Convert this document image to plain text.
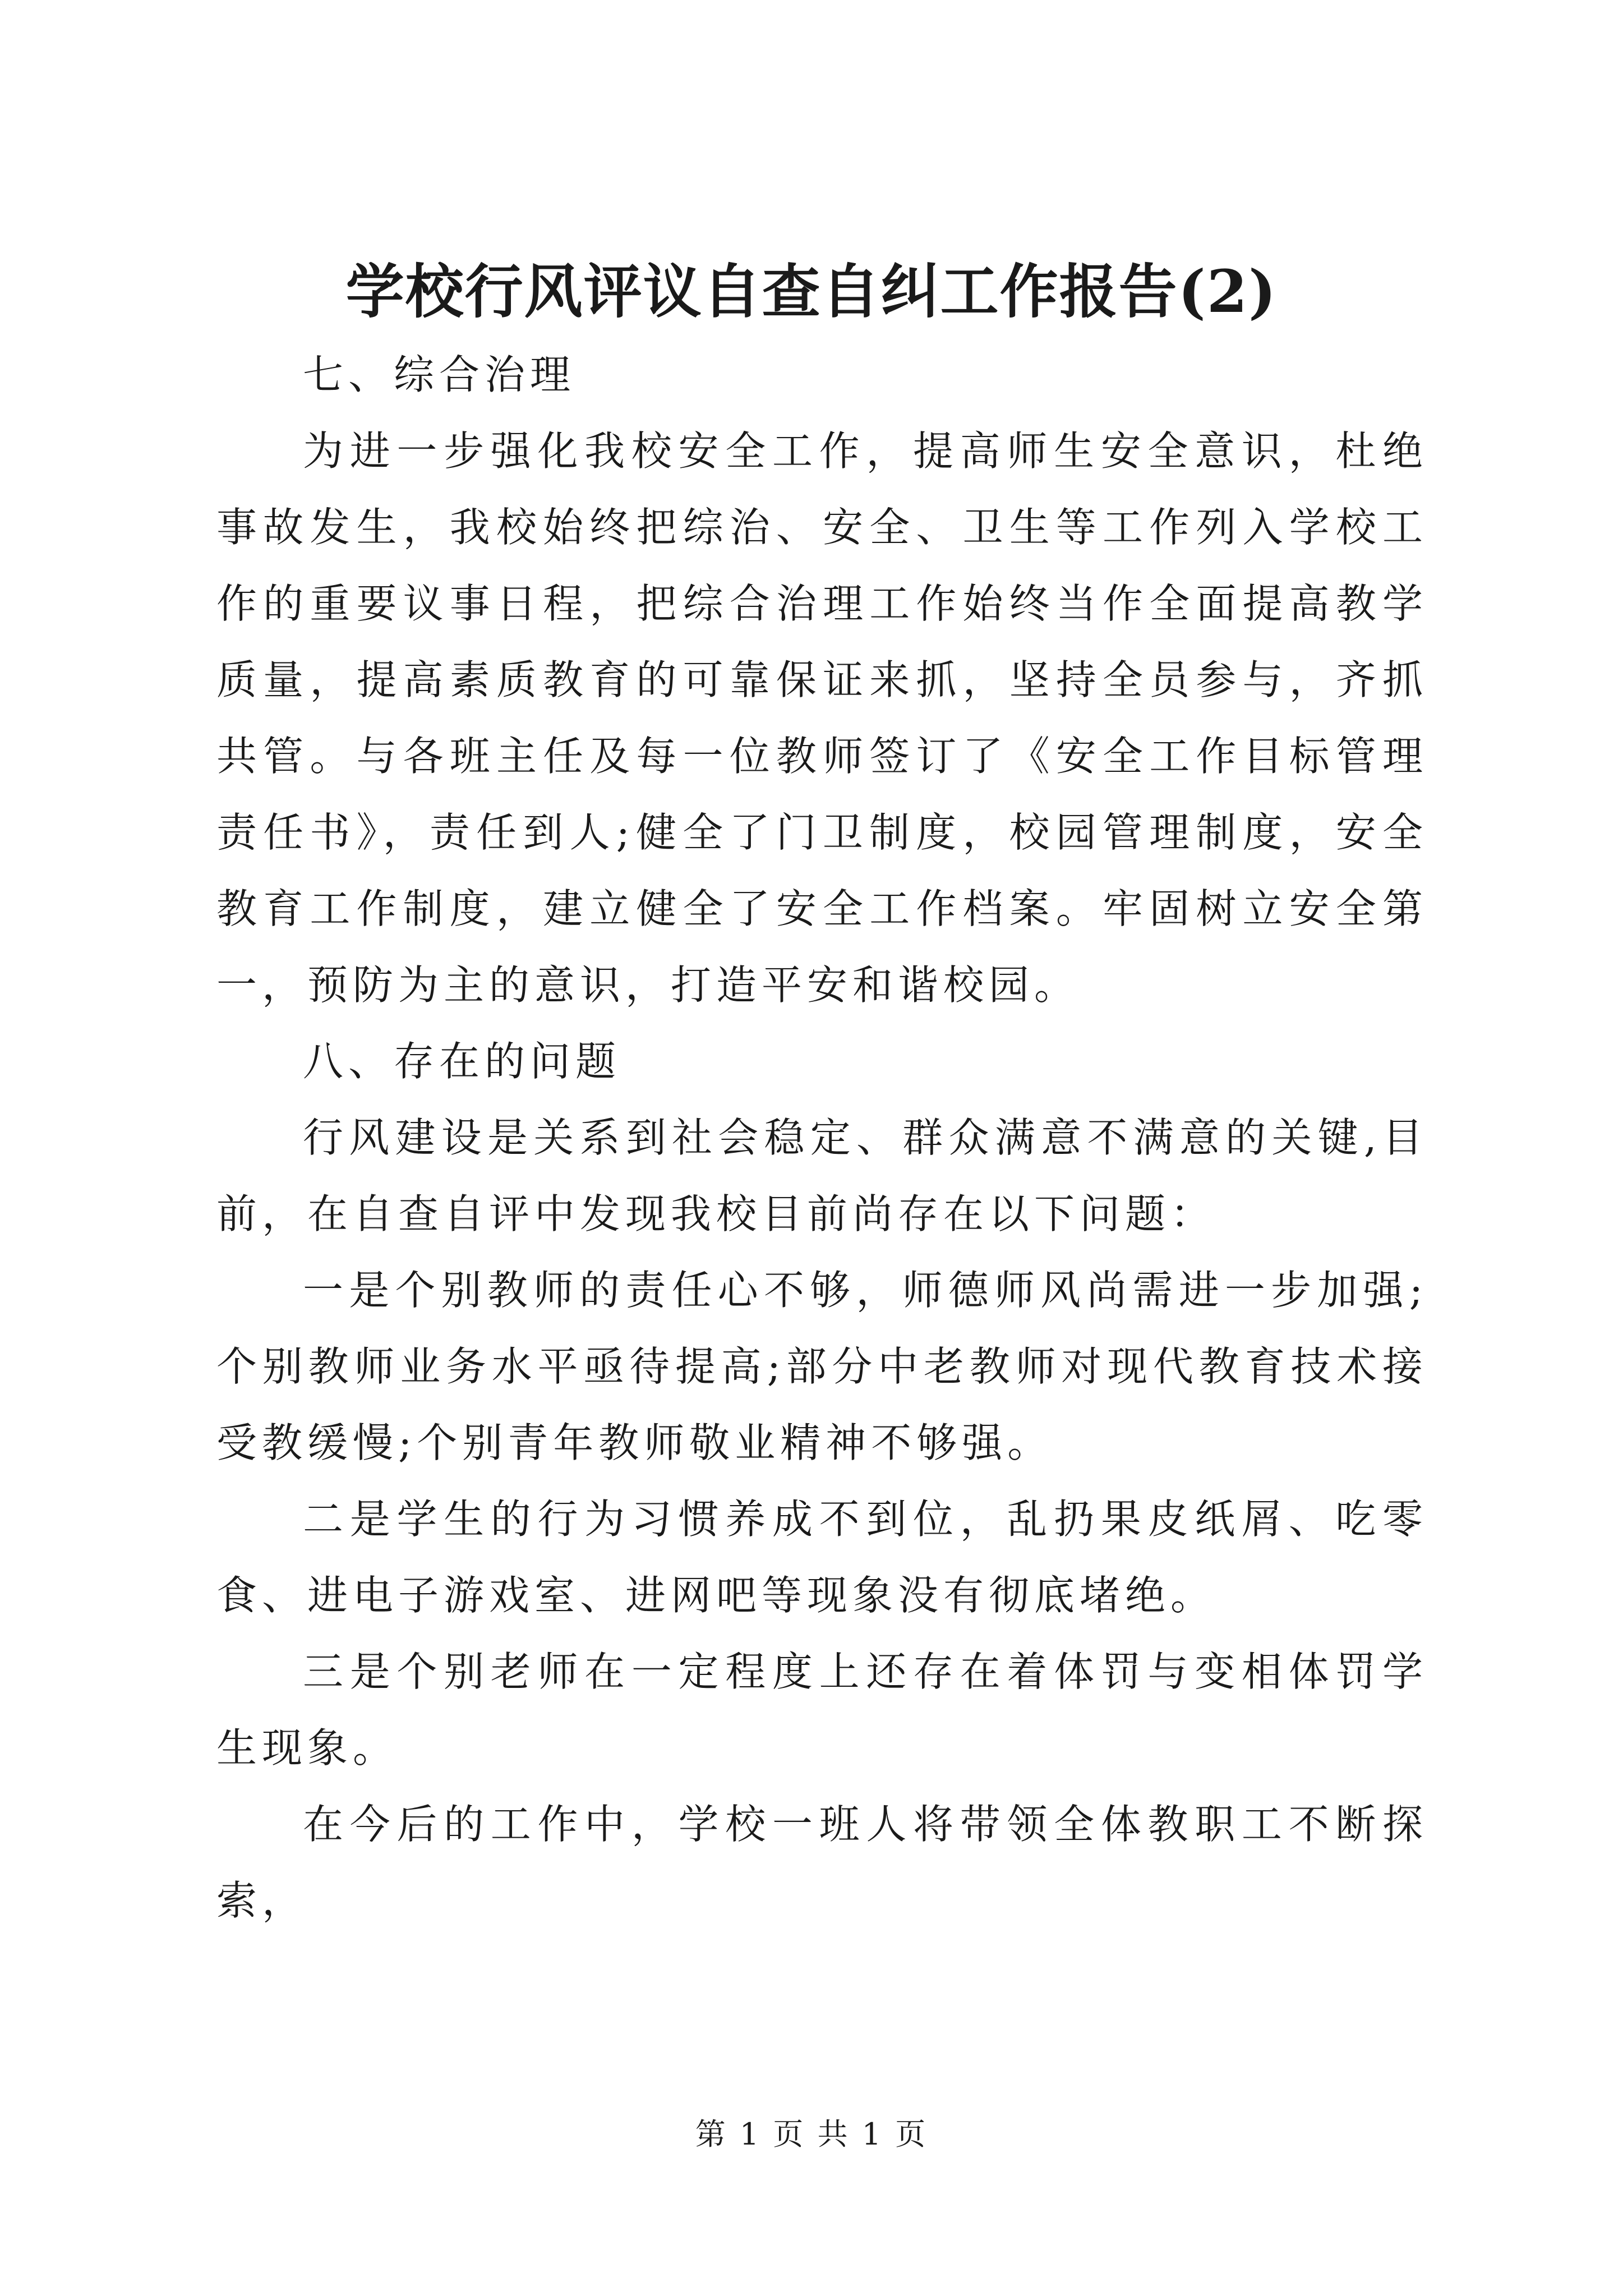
学校行风评议自查自纠工作报告(2)

七、综合治理

为进一步强化我校安全工作，提高师生安全意识，杜绝事故发生，我校始终把综治、安全、卫生等工作列入学校工作的重要议事日程，把综合治理工作始终当作全面提高教学质量，提高素质教育的可靠保证来抓，坚持全员参与，齐抓共管。与各班主任及每一位教师签订了《安全工作目标管理责任书》，责任到人;健全了门卫制度，校园管理制度，安全教育工作制度，建立健全了安全工作档案。牢固树立安全第一，预防为主的意识，打造平安和谐校园。

八、存在的问题

行风建设是关系到社会稳定、群众满意不满意的关键,目前，在自查自评中发现我校目前尚存在以下问题：

一是个别教师的责任心不够，师德师风尚需进一步加强;个别教师业务水平亟待提高;部分中老教师对现代教育技术接受教缓慢;个别青年教师敬业精神不够强。

二是学生的行为习惯养成不到位，乱扔果皮纸屑、吃零食、进电子游戏室、进网吧等现象没有彻底堵绝。

三是个别老师在一定程度上还存在着体罚与变相体罚学生现象。

在今后的工作中，学校一班人将带领全体教职工不断探索，

第 1 页 共 1 页
